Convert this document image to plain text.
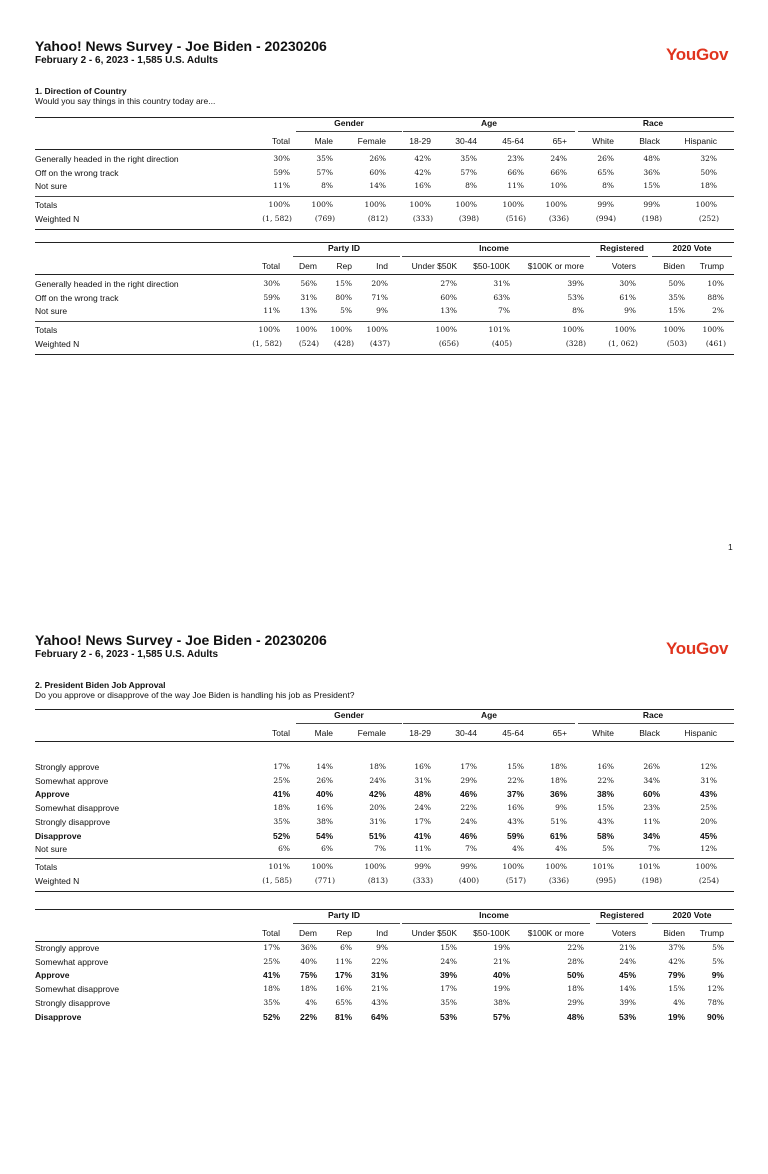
Yahoo! News Survey - Joe Biden - 20230206
February 2 - 6, 2023 - 1,585 U.S. Adults	YouGov
1. Direction of Country
Would you say things in this country today are...
Gender	Age	Race
Total	Male	Female	18-29	30-44	45-64	65+	White	Black	Hispanic
Generally headed in the right direction	30%	35%	26%	42%	35%	23%	24%	26%	48%	32%
Off on the wrong track	59%	57%	60%	42%	57%	66%	66%	65%	36%	50%
Not sure	11%	8%	14%	16%	8%	11%	10%	8%	15%	18%
Totals	100%	100%	100%	100%	100%	100%	100%	99%	99%	100%
Weighted N	(1, 582)	(769)	(812)	(333)	(398)	(516)	(336)	(994)	(198)	(252)
Party ID	Income	Registered	2020 Vote
Total Dem Rep	Ind	Under $50K $50-100K $100K or more	Voters	Biden Trump
Generally headed in the right direction	30%	56% 15%	20%	27%	31%	39%	30%	50%	10%
Off on the wrong track	59%	31% 80%	71%	60%	63%	53%	61%	35%	88%
Not sure	11%	13%	5%	9%	13%	7%	8%	9%	15%	2%
Totals	100% 100% 100% 100%	100%	101%	100%	100%	100% 100%
Weighted N	(1, 582) (524) (428) (437)	(656)	(405)	(328)	(1, 062)	(503)	(461)
1
Yahoo! News Survey - Joe Biden - 20230206
February 2 - 6, 2023 - 1,585 U.S. Adults	YouGov
2. President Biden Job Approval
Do you approve or disapprove of the way Joe Biden is handling his job as President?
Gender	Age	Race
Total	Male	Female	18-29	30-44	45-64	65+	White	Black	Hispanic
Strongly approve	17%	14%	18%	16%	17%	15%	18%	16%	26%	12%
Somewhat approve	25%	26%	24%	31%	29%	22%	18%	22%	34%	31%
Approve	41%	40%	42%	48%	46%	37%	36%	38%	60%	43%
Somewhat disapprove	18%	16%	20%	24%	22%	16%	9%	15%	23%	25%
Strongly disapprove	35%	38%	31%	17%	24%	43%	51%	43%	11%	20%
Disapprove	52%	54%	51%	41%	46%	59%	61%	58%	34%	45%
Not sure	6%	6%	7%	11%	7%	4%	4%	5%	7%	12%
Totals	101%	100%	100%	99%	99%	100%	100%	101%	101%	100%
Weighted N	(1, 585)	(771)	(813)	(333)	(400)	(517)	(336)	(995)	(198)	(254)
Party ID	Income	Registered	2020 Vote
Total Dem Rep	Ind	Under $50K $50-100K $100K or more	Voters	Biden Trump
Strongly approve	17%	36%	6%	9%	15%	19%	22%	21%	37%	5%
Somewhat approve	25%	40% 11%	22%	24%	21%	28%	24%	42%	5%
Approve	41% 75% 17% 31%	39%	40%	50%	45%	79%	9%
Somewhat disapprove	18%	18% 16%	21%	17%	19%	18%	14%	15%	12%
Strongly disapprove	35%	4% 65%	43%	35%	38%	29%	39%	4%	78%
Disapprove	52% 22% 81% 64%	53%	57%	48%	53%	19%	90%
